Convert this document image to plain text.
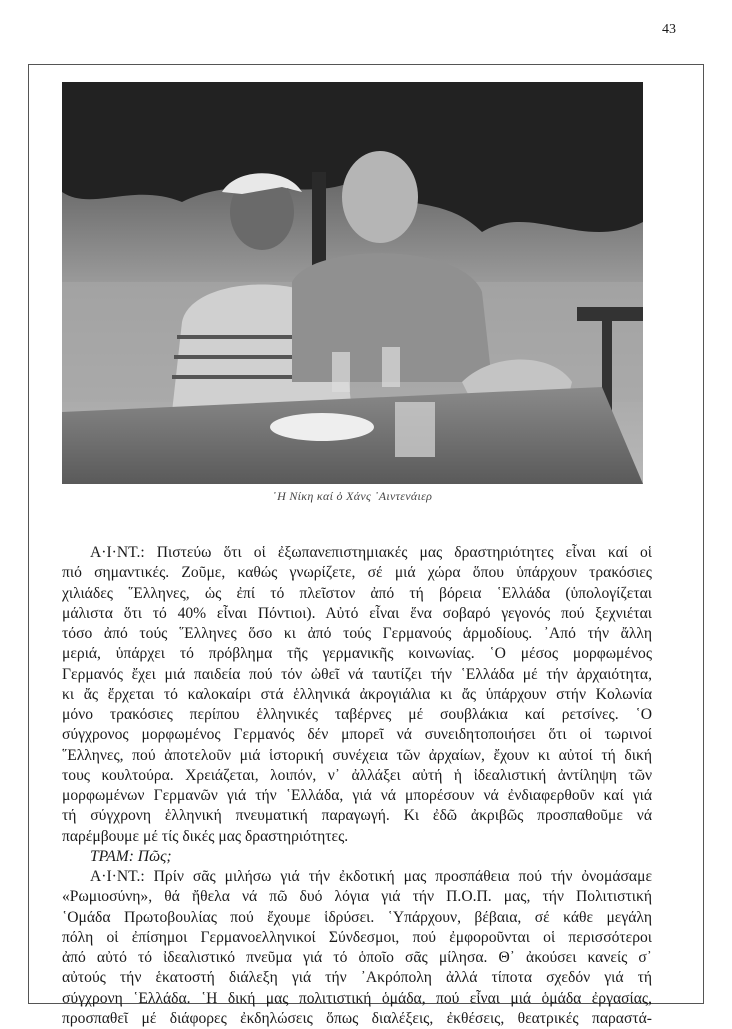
43
῾Η Νίκη καί ὁ Χάνς ᾿Αιντενάιερ
Α·Ι·ΝΤ.: Πιστεύω ὅτι οἱ ἐξωπανεπιστημιακές μας δραστηριότητες εἶναι καί οἱ
πιό σημαντικές. Ζοῦμε, καθώς γνωρίζετε, σέ μιά χώρα ὅπου ὑπάρχουν τρακόσιες
χιλιάδες ῞Ελληνες, ὡς ἐπί τό πλεῖστον ἀπό τή βόρεια ῾Ελλάδα (ὑπολογίζεται
μάλιστα ὅτι τό 40% εἶναι Πόντιοι). Αὐτό εἶναι ἕνα σοβαρό γεγονός πού ξεχνιέται
τόσο ἀπό τούς ῞Ελληνες ὅσο κι ἀπό τούς Γερμανούς ἁρμοδίους. ᾿Από τήν ἄλλη
μεριά, ὑπάρχει τό πρόβλημα τῆς γερμανικῆς κοινωνίας. ῾Ο μέσος μορφωμένος
Γερμανός ἔχει μιά παιδεία πού τόν ὠθεῖ νά ταυτίζει τήν ῾Ελλάδα μέ τήν ἀρχαιότητα,
κι ἄς ἔρχεται τό καλοκαίρι στά ἑλληνικά ἀκρογιάλια κι ἄς ὑπάρχουν στήν Κολωνία
μόνο τρακόσιες περίπου ἑλληνικές ταβέρνες μέ σουβλάκια καί ρετσίνες. ῾Ο
σύγχρονος μορφωμένος Γερμανός δέν μπορεῖ νά συνειδητοποιήσει ὅτι οἱ τωρινοί
῞Ελληνες, πού ἀποτελοῦν μιά ἱστορική συνέχεια τῶν ἀρχαίων, ἔχουν κι αὐτοί τή δική
τους κουλτούρα. Χρειάζεται, λοιπόν, ν᾿ ἀλλάξει αὐτή ἡ ἰδεαλιστική ἀντίληψη τῶν
μορφωμένων Γερμανῶν γιά τήν ῾Ελλάδα, γιά νά μπορέσουν νά ἐνδιαφερθοῦν καί γιά
τή σύγχρονη ἑλληνική πνευματική παραγωγή. Κι ἐδῶ ἀκριβῶς προσπαθοῦμε νά
παρέμβουμε μέ τίς δικές μας δραστηριότητες.
ΤΡΑΜ: Πῶς;
Α·Ι·ΝΤ.: Πρίν σᾶς μιλήσω γιά τήν ἐκδοτική μας προσπάθεια πού τήν ὀνομάσαμε
«Ρωμιοσύνη», θά ἤθελα νά πῶ δυό λόγια γιά τήν Π.Ο.Π. μας, τήν Πολιτιστική
῾Ομάδα Πρωτοβουλίας πού ἔχουμε ἱδρύσει. ῾Υπάρχουν, βέβαια, σέ κάθε μεγάλη
πόλη οἱ ἐπίσημοι Γερμανοελληνικοί Σύνδεσμοι, πού ἐμφοροῦνται οἱ περισσότεροι
ἀπό αὐτό τό ἰδεαλιστικό πνεῦμα γιά τό ὁποῖο σᾶς μίλησα. Θ᾿ ἀκούσει κανείς σ᾿
αὐτούς τήν ἑκατοστή διάλεξη γιά τήν ᾿Ακρόπολη ἀλλά τίποτα σχεδόν γιά τή
σύγχρονη ῾Ελλάδα. ῾Η δική μας πολιτιστική ὁμάδα, πού εἶναι μιά ὁμάδα ἐργασίας,
προσπαθεῖ μέ διάφορες ἐκδηλώσεις ὅπως διαλέξεις, ἐκθέσεις, θεατρικές παραστά-
